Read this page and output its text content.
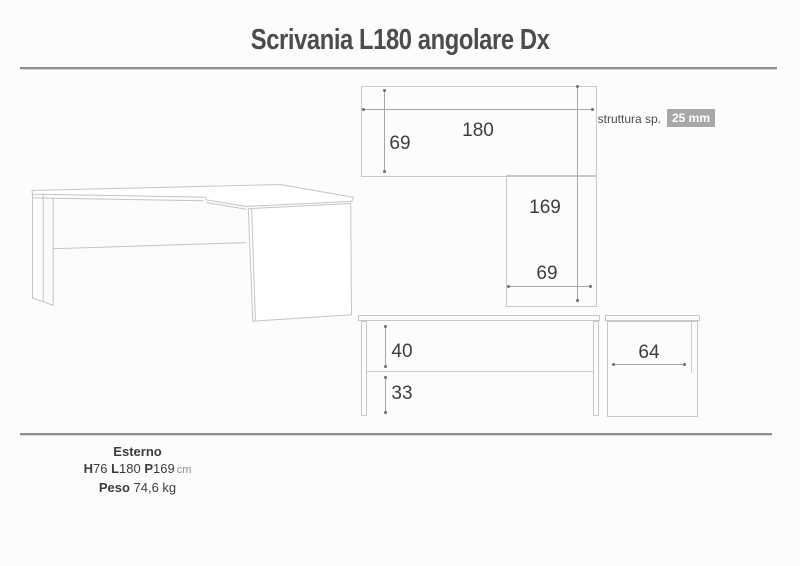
Scrivania L180 angolare Dx
180
69
169
69
struttura sp. 25 mm
40
33
64
Esterno
H76 L180 P169 cm
Peso 74,6 kg
